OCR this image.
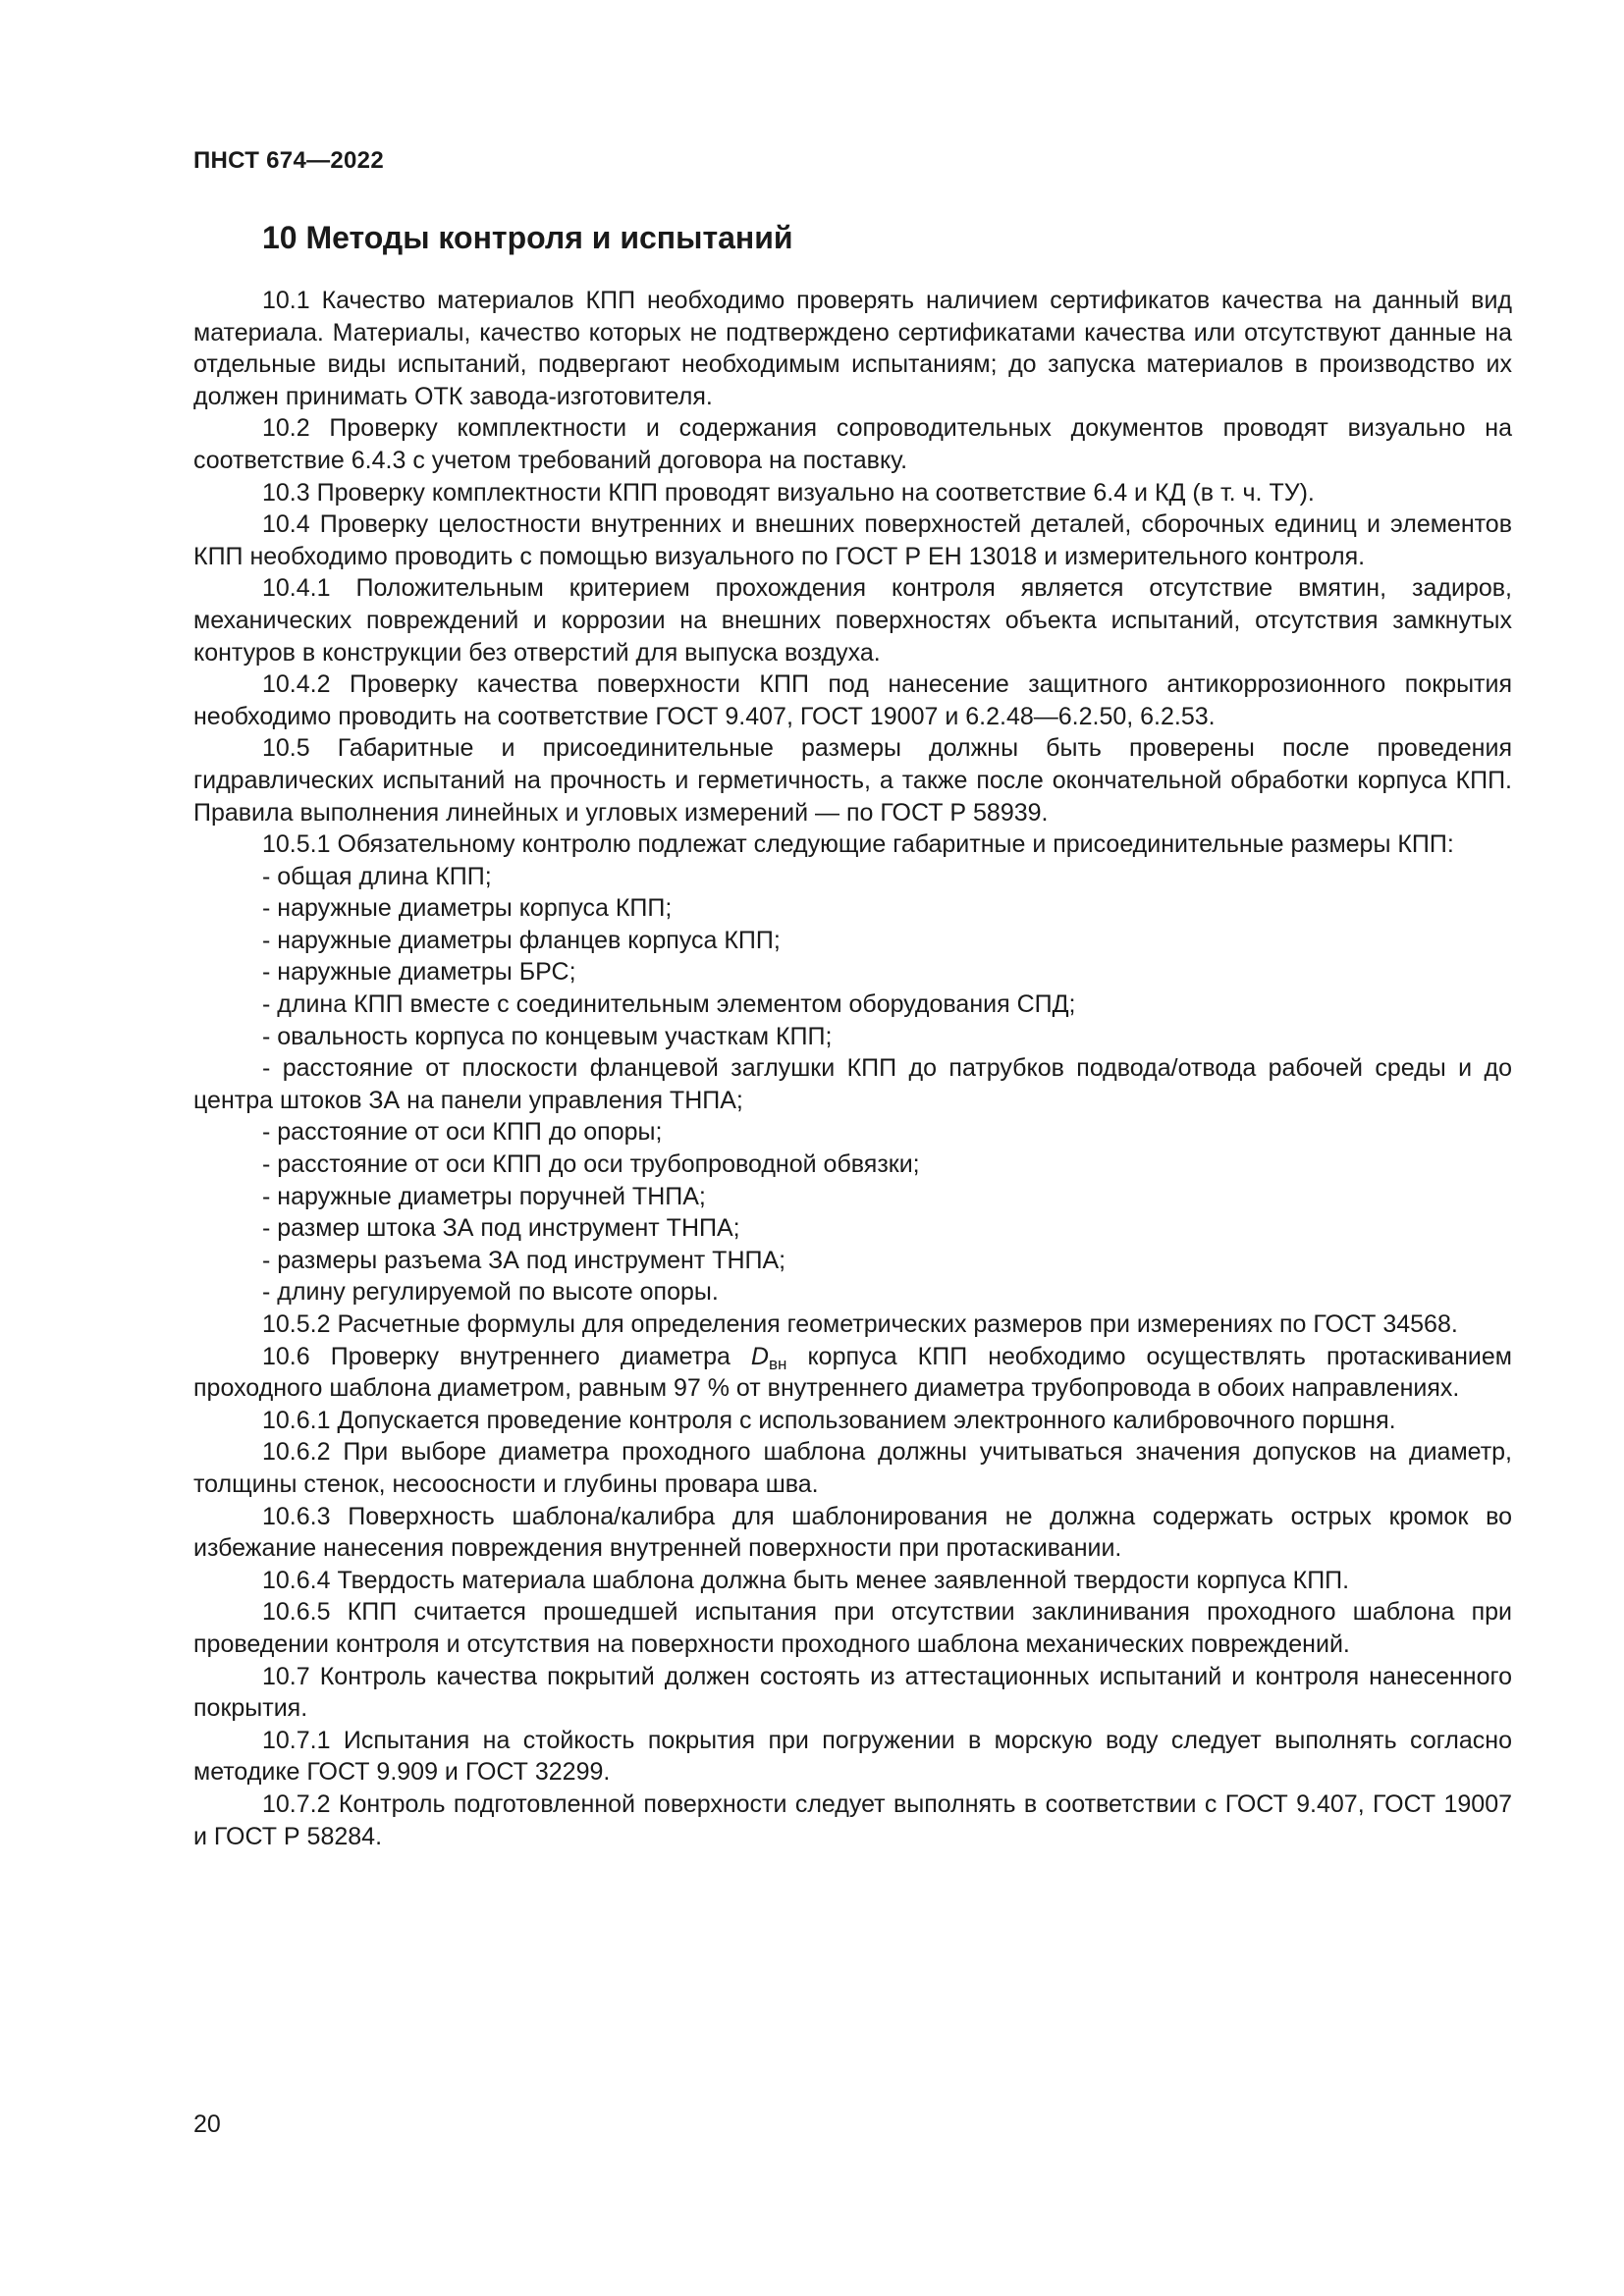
ПНСТ 674—2022
10 Методы контроля и испытаний

10.1 Качество материалов КПП необходимо проверять наличием сертификатов качества на данный вид материала. Материалы, качество которых не подтверждено сертификатами качества или отсутствуют данные на отдельные виды испытаний, подвергают необходимым испытаниям; до запуска материалов в производство их должен принимать ОТК завода-изготовителя.

10.2 Проверку комплектности и содержания сопроводительных документов проводят визуально на соответствие 6.4.3 с учетом требований договора на поставку.

10.3 Проверку комплектности КПП проводят визуально на соответствие 6.4 и КД (в т. ч. ТУ).

10.4 Проверку целостности внутренних и внешних поверхностей деталей, сборочных единиц и элементов КПП необходимо проводить с помощью визуального по ГОСТ Р ЕН 13018 и измерительного контроля.

10.4.1 Положительным критерием прохождения контроля является отсутствие вмятин, задиров, механических повреждений и коррозии на внешних поверхностях объекта испытаний, отсутствия замкнутых контуров в конструкции без отверстий для выпуска воздуха.

10.4.2 Проверку качества поверхности КПП под нанесение защитного антикоррозионного покрытия необходимо проводить на соответствие ГОСТ 9.407, ГОСТ 19007 и 6.2.48—6.2.50, 6.2.53.

10.5 Габаритные и присоединительные размеры должны быть проверены после проведения гидравлических испытаний на прочность и герметичность, а также после окончательной обработки корпуса КПП. Правила выполнения линейных и угловых измерений — по ГОСТ Р 58939.

10.5.1 Обязательному контролю подлежат следующие габаритные и присоединительные размеры КПП:

- общая длина КПП;

- наружные диаметры корпуса КПП;

- наружные диаметры фланцев корпуса КПП;

- наружные диаметры БРС;

- длина КПП вместе с соединительным элементом оборудования СПД;

- овальность корпуса по концевым участкам КПП;

- расстояние от плоскости фланцевой заглушки КПП до патрубков подвода/отвода рабочей среды и до центра штоков ЗА на панели управления ТНПА;

- расстояние от оси КПП до опоры;

- расстояние от оси КПП до оси трубопроводной обвязки;

- наружные диаметры поручней ТНПА;

- размер штока ЗА под инструмент ТНПА;

- размеры разъема ЗА под инструмент ТНПА;

- длину регулируемой по высоте опоры.

10.5.2 Расчетные формулы для определения геометрических размеров при измерениях по ГОСТ 34568.

10.6 Проверку внутреннего диаметра $D_{вн}$ корпуса КПП необходимо осуществлять протаскиванием проходного шаблона диаметром, равным 97 % от внутреннего диаметра трубопровода в обоих направлениях.

10.6.1 Допускается проведение контроля с использованием электронного калибровочного поршня.

10.6.2 При выборе диаметра проходного шаблона должны учитываться значения допусков на диаметр, толщины стенок, несоосности и глубины провара шва.

10.6.3 Поверхность шаблона/калибра для шаблонирования не должна содержать острых кромок во избежание нанесения повреждения внутренней поверхности при протаскивании.

10.6.4 Твердость материала шаблона должна быть менее заявленной твердости корпуса КПП.

10.6.5 КПП считается прошедшей испытания при отсутствии заклинивания проходного шаблона при проведении контроля и отсутствия на поверхности проходного шаблона механических повреждений.

10.7 Контроль качества покрытий должен состоять из аттестационных испытаний и контроля нанесенного покрытия.

10.7.1 Испытания на стойкость покрытия при погружении в морскую воду следует выполнять согласно методике ГОСТ 9.909 и ГОСТ 32299.

10.7.2 Контроль подготовленной поверхности следует выполнять в соответствии с ГОСТ 9.407, ГОСТ 19007 и ГОСТ Р 58284.

20
